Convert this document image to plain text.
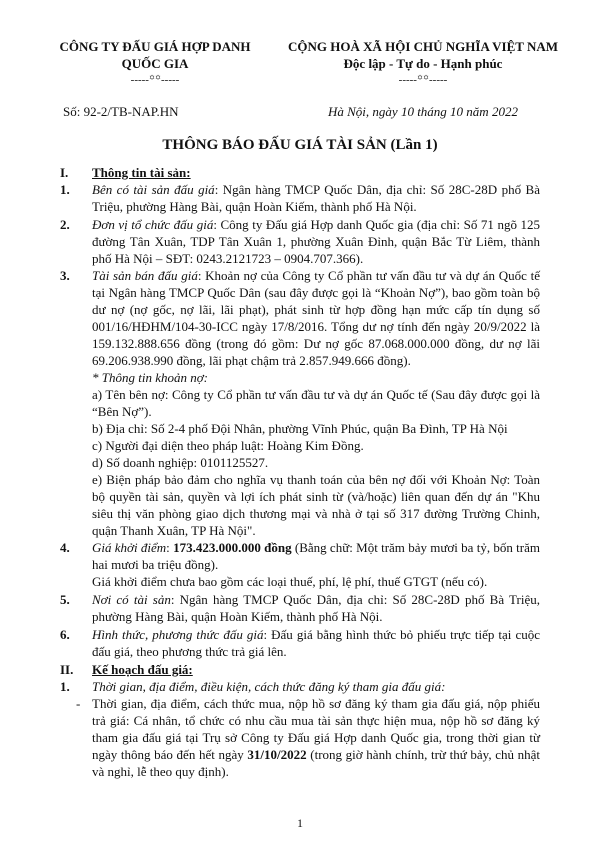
CÔNG TY ĐẤU GIÁ HỢP DANH
QUỐC GIA
-----꙳꙳-----
CỘNG HOÀ XÃ HỘI CHỦ NGHĨA VIỆT NAM
Độc lập - Tự do - Hạnh phúc
-----꙳꙳-----
Số: 92-2/TB-NAP.HN	Hà Nội, ngày 10 tháng 10 năm 2022
THÔNG BÁO ĐẤU GIÁ TÀI SẢN (Lần 1)
I. Thông tin tài sản:
1. Bên có tài sản đấu giá: Ngân hàng TMCP Quốc Dân, địa chỉ: Số 28C-28D phố Bà Triệu, phường Hàng Bài, quận Hoàn Kiếm, thành phố Hà Nội.
2. Đơn vị tổ chức đấu giá: Công ty Đấu giá Hợp danh Quốc gia (địa chỉ: Số 71 ngõ 125 đường Tân Xuân, TDP Tân Xuân 1, phường Xuân Đỉnh, quận Bắc Từ Liêm, thành phố Hà Nội – SĐT: 0243.2121723 – 0904.707.366).
3. Tài sản bán đấu giá: Khoản nợ của Công ty Cổ phần tư vấn đầu tư và dự án Quốc tế tại Ngân hàng TMCP Quốc Dân (sau đây được gọi là “Khoản Nợ”), bao gồm toàn bộ dư nợ (nợ gốc, nợ lãi, lãi phạt), phát sinh từ hợp đồng hạn mức cấp tín dụng số 001/16/HĐHM/104-30-ICC ngày 17/8/2016. Tổng dư nợ tính đến ngày 20/9/2022 là 159.132.888.656 đồng (trong đó gồm: Dư nợ gốc 87.068.000.000 đồng, dư nợ lãi 69.206.938.990 đồng, lãi phạt chậm trả 2.857.949.666 đồng).

* Thông tin khoản nợ:

a) Tên bên nợ: Công ty Cổ phần tư vấn đầu tư và dự án Quốc tế (Sau đây được gọi là “Bên Nợ”).

b) Địa chỉ: Số 2-4 phố Đội Nhân, phường Vĩnh Phúc, quận Ba Đình, TP Hà Nội

c) Người đại diện theo pháp luật: Hoàng Kim Đồng.

d) Số doanh nghiệp: 0101125527.

e) Biện pháp bảo đảm cho nghĩa vụ thanh toán của bên nợ đối với Khoản Nợ: Toàn bộ quyền tài sản, quyền và lợi ích phát sinh từ (và/hoặc) liên quan đến dự án "Khu siêu thị văn phòng giao dịch thương mại và nhà ở tại số 317 đường Trường Chinh, quận Thanh Xuân, TP Hà Nội".

4. Giá khởi điểm: 173.423.000.000 đồng (Bằng chữ: Một trăm bảy mươi ba tỷ, bốn trăm hai mươi ba triệu đồng).

Giá khởi điểm chưa bao gồm các loại thuế, phí, lệ phí, thuế GTGT (nếu có).

5. Nơi có tài sản: Ngân hàng TMCP Quốc Dân, địa chỉ: Số 28C-28D phố Bà Triệu, phường Hàng Bài, quận Hoàn Kiếm, thành phố Hà Nội.
6. Hình thức, phương thức đấu giá: Đấu giá bằng hình thức bỏ phiếu trực tiếp tại cuộc đấu giá, theo phương thức trả giá lên.
II. Kế hoạch đấu giá:
1. Thời gian, địa điểm, điều kiện, cách thức đăng ký tham gia đấu giá:
- Thời gian, địa điểm, cách thức mua, nộp hồ sơ đăng ký tham gia đấu giá, nộp phiếu trả giá: Cá nhân, tổ chức có nhu cầu mua tài sản thực hiện mua, nộp hồ sơ đăng ký tham gia đấu giá tại Trụ sở Công ty Đấu giá Hợp danh Quốc gia, trong thời gian từ ngày thông báo đến hết ngày 31/10/2022 (trong giờ hành chính, trừ thứ bảy, chủ nhật và nghỉ, lễ theo quy định).
1
